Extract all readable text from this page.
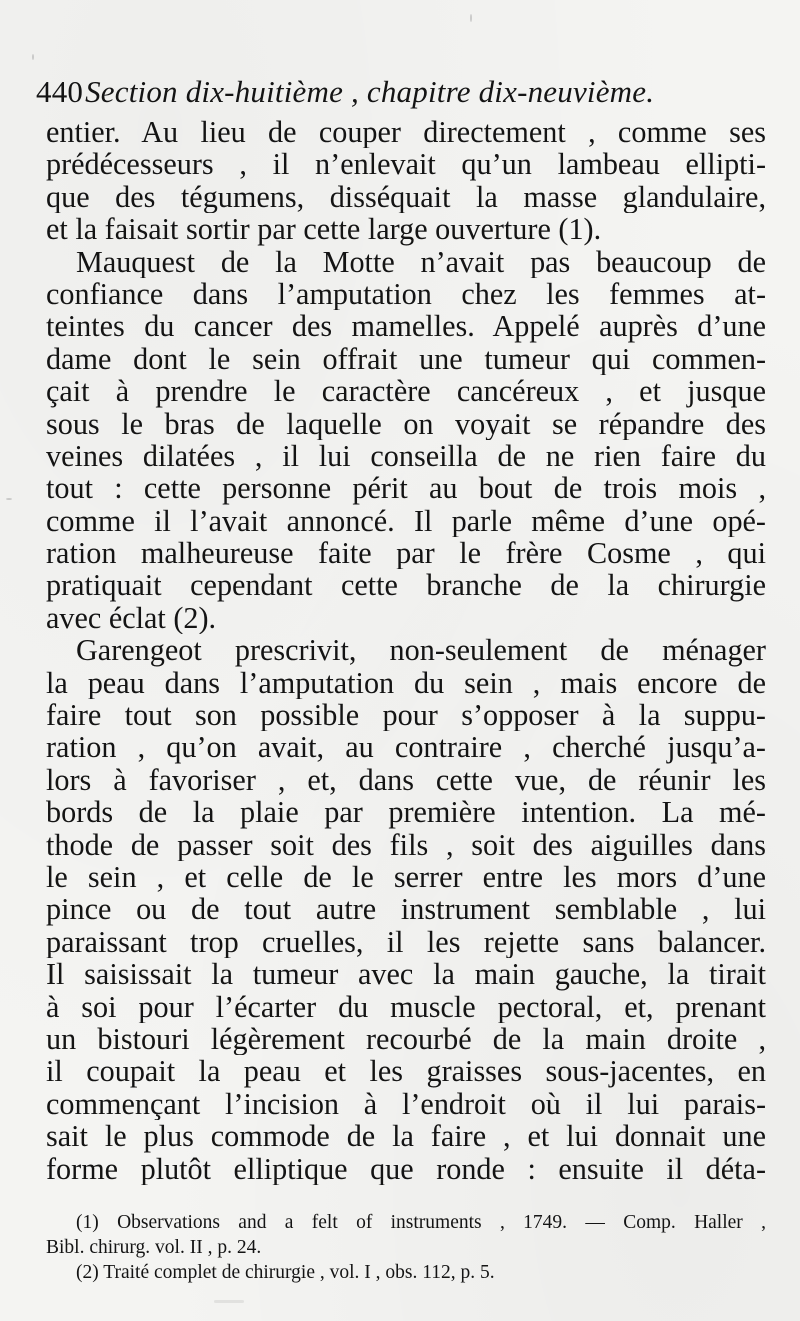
440Section dix-huitième , chapitre dix-neuvième.
entier. Au lieu de couper directement , comme ses
prédécesseurs , il n’enlevait qu’un lambeau ellipti-
que des tégumens, disséquait la masse glandulaire,
et la faisait sortir par cette large ouverture (1).
Mauquest de la Motte n’avait pas beaucoup de
confiance dans l’amputation chez les femmes at-
teintes du cancer des mamelles. Appelé auprès d’une
dame dont le sein offrait une tumeur qui commen-
çait à prendre le caractère cancéreux , et jusque
sous le bras de laquelle on voyait se répandre des
veines dilatées , il lui conseilla de ne rien faire du
tout : cette personne périt au bout de trois mois ,
comme il l’avait annoncé. Il parle même d’une opé-
ration malheureuse faite par le frère Cosme , qui
pratiquait cependant cette branche de la chirurgie
avec éclat (2).
Garengeot prescrivit, non-seulement de ménager
la peau dans l’amputation du sein , mais encore de
faire tout son possible pour s’opposer à la suppu-
ration , qu’on avait, au contraire , cherché jusqu’a-
lors à favoriser , et, dans cette vue, de réunir les
bords de la plaie par première intention. La mé-
thode de passer soit des fils , soit des aiguilles dans
le sein , et celle de le serrer entre les mors d’une
pince ou de tout autre instrument semblable , lui
paraissant trop cruelles, il les rejette sans balancer.
Il saisissait la tumeur avec la main gauche, la tirait
à soi pour l’écarter du muscle pectoral, et, prenant
un bistouri légèrement recourbé de la main droite ,
il coupait la peau et les graisses sous-jacentes, en
commençant l’incision à l’endroit où il lui parais-
sait le plus commode de la faire , et lui donnait une
forme plutôt elliptique que ronde : ensuite il déta-
(1) Observations and a felt of instruments , 1749. — Comp. Haller ,
Bibl. chirurg. vol. II , p. 24.
(2) Traité complet de chirurgie , vol. I , obs. 112, p. 5.
